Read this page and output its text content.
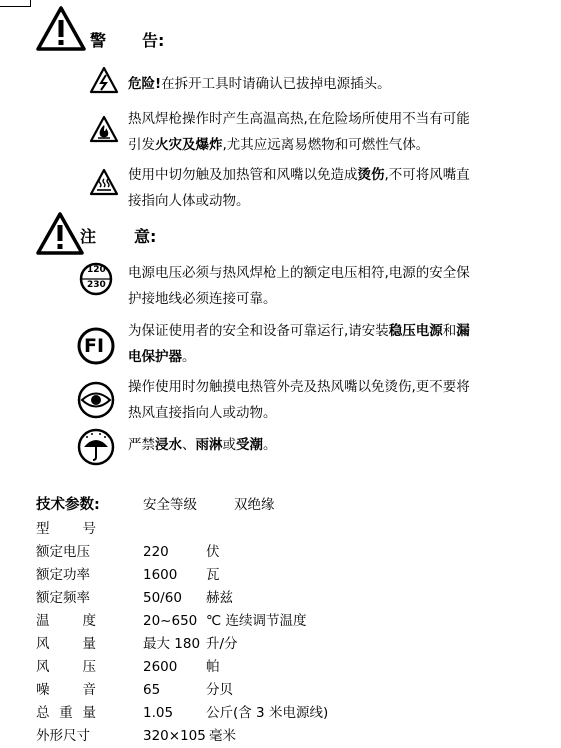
警 告:
危险!在拆开工具时请确认已拔掉电源插头。
热风焊枪操作时产生高温高热,在危险场所使用不当有可能
引发火灾及爆炸,尤其应远离易燃物和可燃性气体。
使用中切勿触及加热管和风嘴以免造成烫伤,不可将风嘴直
接指向人体或动物。
注 意:
120
230
电源电压必须与热风焊枪上的额定电压相符,电源的安全保
护接地线必须连接可靠。
FI
为保证使用者的安全和设备可靠运行,请安装稳压电源和漏
电保护器。
操作使用时勿触摸电热管外壳及热风嘴以免烫伤,更不要将
热风直接指向人或动物。
严禁浸水、雨淋或受潮。
技术参数:	安全等级	双绝缘
型 号
额定电压	220	伏
额定功率	1600 瓦
额定频率	50/60 赫兹
温 度	20~650 ℃ 连续调节温度
风 量	最大 180 升/分
风 压	2600 帕
噪 音	65	分贝
总 重 量	1.05 公斤(含 3 米电源线)
外形尺寸	320×105 毫米
